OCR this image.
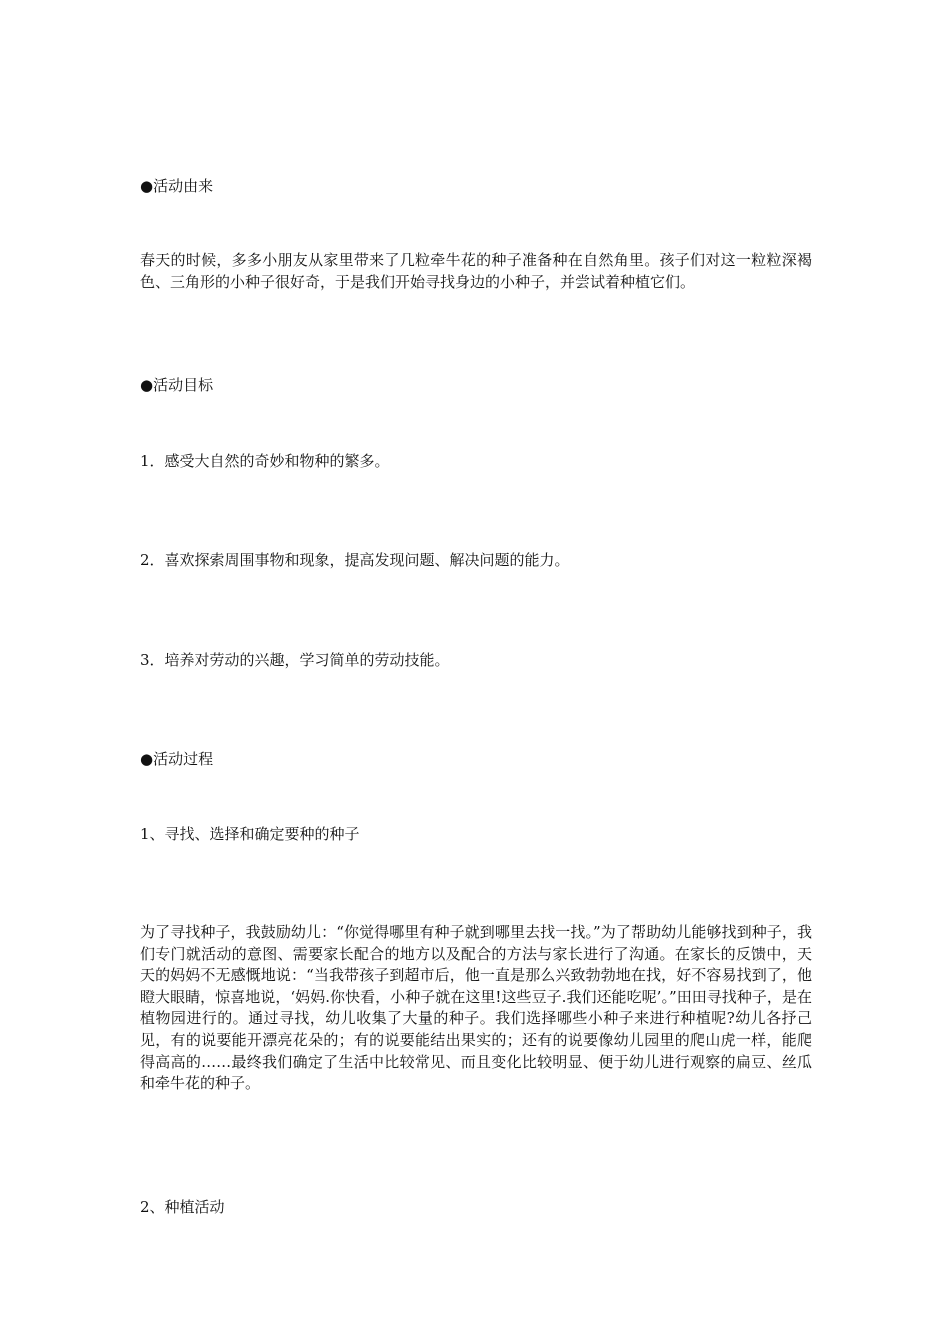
●活动由来

春天的时候，多多小朋友从家里带来了几粒牵牛花的种子准备种在自然角里。孩子们对这一粒粒深褐色、三角形的小种子很好奇，于是我们开始寻找身边的小种子，并尝试着种植它们。

●活动目标

1．感受大自然的奇妙和物种的繁多。

2．喜欢探索周围事物和现象，提高发现问题、解决问题的能力。

3．培养对劳动的兴趣，学习简单的劳动技能。

●活动过程

1、寻找、选择和确定要种的种子

为了寻找种子，我鼓励幼儿：“你觉得哪里有种子就到哪里去找一找。”为了帮助幼儿能够找到种子，我们专门就活动的意图、需要家长配合的地方以及配合的方法与家长进行了沟通。在家长的反馈中，天天的妈妈不无感慨地说：“当我带孩子到超市后，他一直是那么兴致勃勃地在找，好不容易找到了，他瞪大眼睛，惊喜地说，‘妈妈.你快看，小种子就在这里!这些豆子.我们还能吃呢’。”田田寻找种子，是在植物园进行的。通过寻找，幼儿收集了大量的种子。我们选择哪些小种子来进行种植呢?幼儿各抒己见，有的说要能开漂亮花朵的；有的说要能结出果实的；还有的说要像幼儿园里的爬山虎一样，能爬得高高的……最终我们确定了生活中比较常见、而且变化比较明显、便于幼儿进行观察的扁豆、丝瓜和牵牛花的种子。

2、种植活动
